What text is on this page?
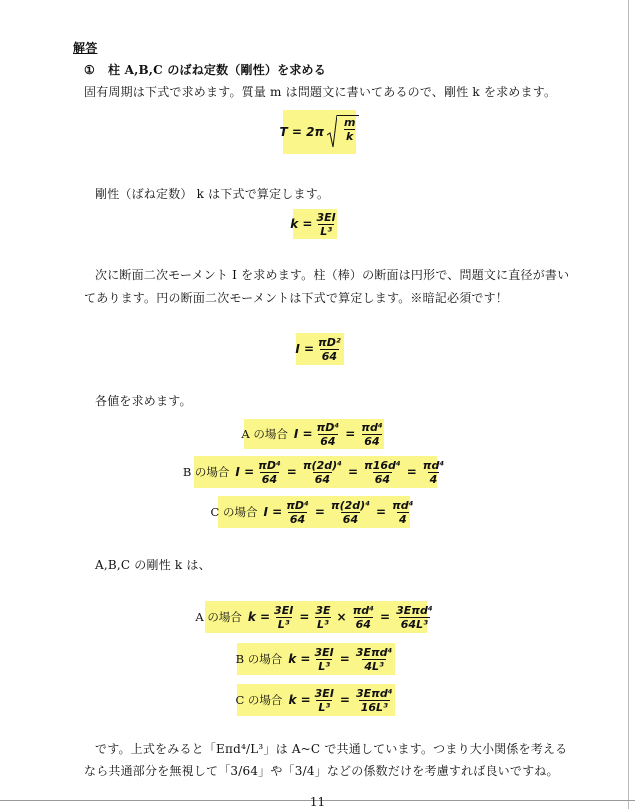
解答
① 柱 A,B,C のばね定数（剛性）を求める
固有周期は下式で求めます。質量 m は問題文に書いてあるので、剛性 k を求めます。
$T = 2\pi \frac{m}{k}$
剛性（ばね定数） k は下式で算定します。
$k = \frac{3EI}{\text{L³}}$
次に断面二次モーメント I を求めます。柱（棒）の断面は円形で、問題文に直径が書い
てあります。円の断面二次モーメントは下式で算定します。※暗記必須です！
$I = \frac{\text{πD²}}{64}$
各値を求めます。
A の場合 $I = \frac{\text{πD⁴}}{64} = \frac{\text{πd⁴}}{64}$
B の場合 $I = \frac{\text{πD⁴}}{64} = \frac{\text{π(2d)⁴}}{64} = \frac{\text{π16d⁴}}{64} = \frac{\text{πd⁴}}{4}$
C の場合 $I = \frac{\text{πD⁴}}{64} = \frac{\text{π(2d)⁴}}{64} = \frac{\text{πd⁴}}{4}$
A,B,C の剛性 k は、
A の場合 $k = \frac{3EI}{\text{L³}} = \frac{3E}{\text{L³}} \times \frac{\text{πd⁴}}{64} = \frac{\text{3Eπd⁴}}{\text{64L³}}$
B の場合 $k = \frac{3EI}{\text{L³}} = \frac{\text{3Eπd⁴}}{\text{4L³}}$
C の場合 $k = \frac{3EI}{\text{L³}} = \frac{\text{3Eπd⁴}}{\text{16L³}}$
です。上式をみると「Eπd⁴/L³」は A~C で共通しています。つまり大小関係を考える
なら共通部分を無視して「3/64」や「3/4」などの係数だけを考慮すれば良いですね。
11
